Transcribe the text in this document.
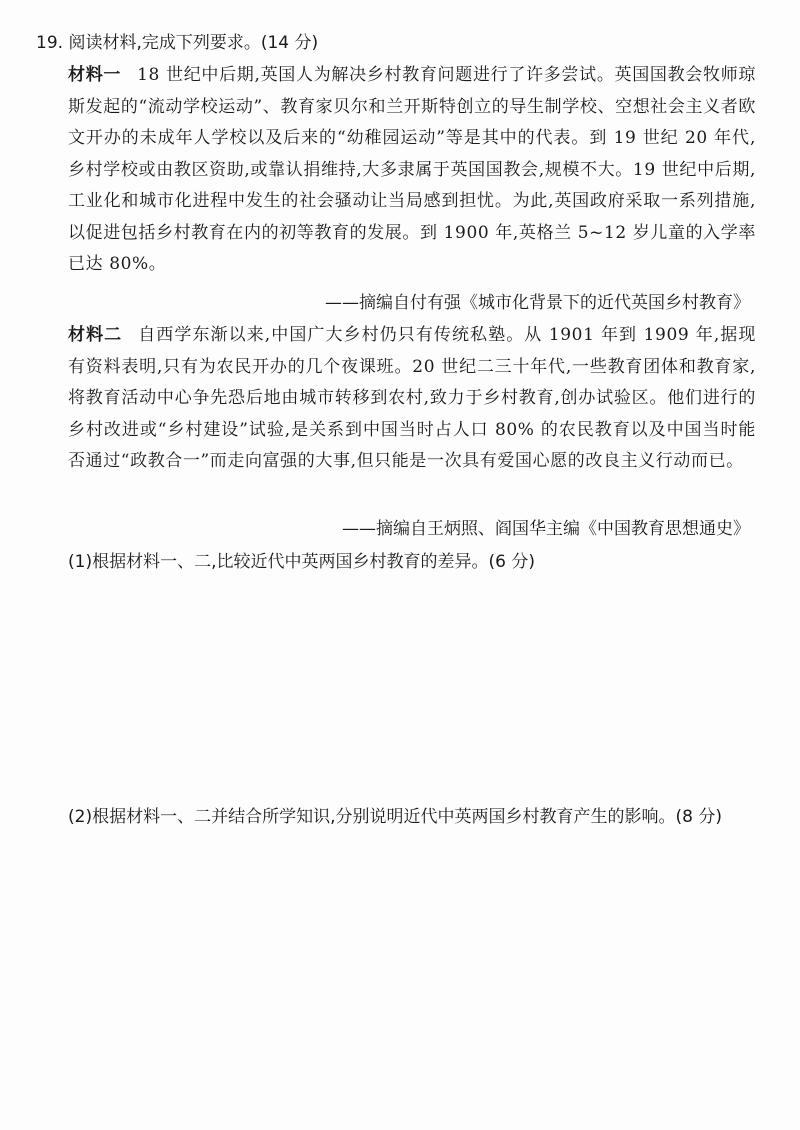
19. 阅读材料,完成下列要求。(14 分)
材料一 18 世纪中后期,英国人为解决乡村教育问题进行了许多尝试。英国国教会牧师琼斯发起的“流动学校运动”、教育家贝尔和兰开斯特创立的导生制学校、空想社会主义者欧文开办的未成年人学校以及后来的“幼稚园运动”等是其中的代表。到 19 世纪 20 年代,乡村学校或由教区资助,或靠认捐维持,大多隶属于英国国教会,规模不大。19 世纪中后期,工业化和城市化进程中发生的社会骚动让当局感到担忧。为此,英国政府采取一系列措施,以促进包括乡村教育在内的初等教育的发展。到 1900 年,英格兰 5~12 岁儿童的入学率已达 80%。
——摘编自付有强《城市化背景下的近代英国乡村教育》
材料二 自西学东渐以来,中国广大乡村仍只有传统私塾。从 1901 年到 1909 年,据现有资料表明,只有为农民开办的几个夜课班。20 世纪二三十年代,一些教育团体和教育家,将教育活动中心争先恐后地由城市转移到农村,致力于乡村教育,创办试验区。他们进行的乡村改进或“乡村建设”试验,是关系到中国当时占人口 80% 的农民教育以及中国当时能否通过“政教合一”而走向富强的大事,但只能是一次具有爱国心愿的改良主义行动而已。
——摘编自王炳照、阎国华主编《中国教育思想通史》
(1)根据材料一、二,比较近代中英两国乡村教育的差异。(6 分)
(2)根据材料一、二并结合所学知识,分别说明近代中英两国乡村教育产生的影响。(8 分)
